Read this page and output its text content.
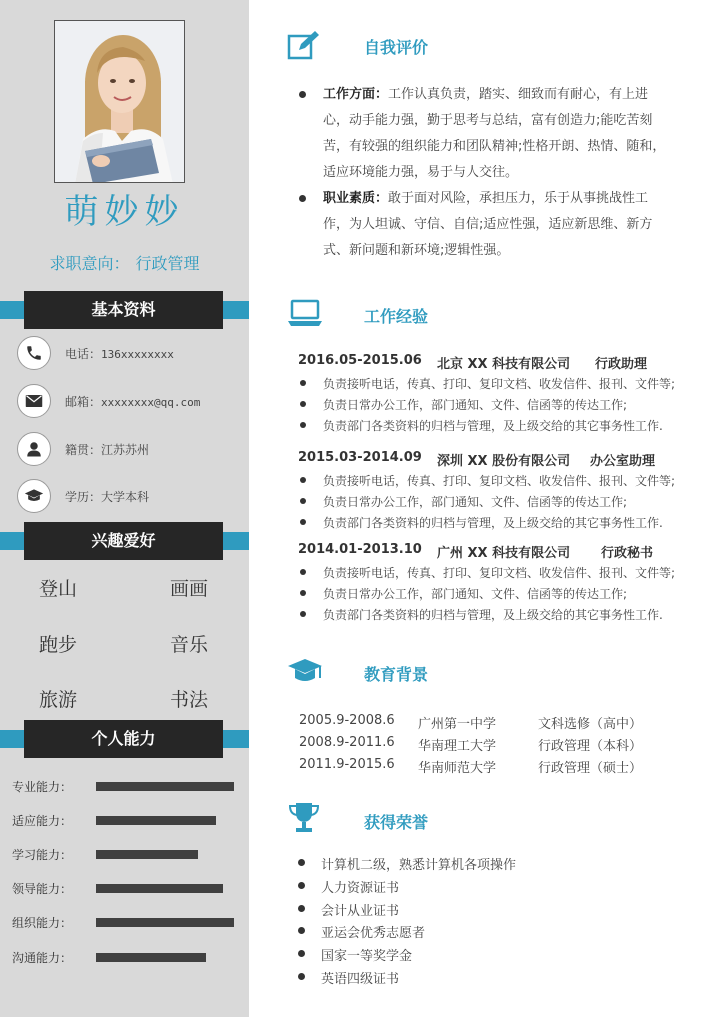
萌妙妙
求职意向： 行政管理
基本资料
电话：136xxxxxxxx
邮箱：xxxxxxxx@qq.com
籍贯：江苏苏州
学历：大学本科
兴趣爱好
登山	画画
跑步	音乐
旅游	书法
个人能力
专业能力：
适应能力：
学习能力：
领导能力：
组织能力：
沟通能力：
自我评价
工作方面：工作认真负责，踏实、细致而有耐心，有上进心，动手能力强，勤于思考与总结，富有创造力;能吃苦刻苦，有较强的组织能力和团队精神;性格开朗、热情、随和，适应环境能力强，易于与人交往。
职业素质：敢于面对风险，承担压力，乐于从事挑战性工作，为人坦诚、守信、自信;适应性强，适应新思维、新方式、新问题和新环境;逻辑性强。
工作经验
2016.05-2015.06 北京 XX 科技有限公司 行政助理
负责接听电话，传真、打印、复印文档、收发信件、报刊、文件等;
负责日常办公工作，部门通知、文件、信函等的传达工作;
负责部门各类资料的归档与管理，及上级交给的其它事务性工作.
2015.03-2014.09 深圳 XX 股份有限公司 办公室助理
负责接听电话，传真、打印、复印文档、收发信件、报刊、文件等;
负责日常办公工作，部门通知、文件、信函等的传达工作;
负责部门各类资料的归档与管理，及上级交给的其它事务性工作.
2014.01-2013.10 广州 XX 科技有限公司 行政秘书
负责接听电话，传真、打印、复印文档、收发信件、报刊、文件等;
负责日常办公工作，部门通知、文件、信函等的传达工作;
负责部门各类资料的归档与管理，及上级交给的其它事务性工作.
教育背景
2005.9-2008.6 广州第一中学	文科选修（高中）
2008.9-2011.6 华南理工大学	行政管理（本科）
2011.9-2015.6 华南师范大学	行政管理（硕士）
获得荣誉
计算机二级，熟悉计算机各项操作
人力资源证书
会计从业证书
亚运会优秀志愿者
国家一等奖学金
英语四级证书
